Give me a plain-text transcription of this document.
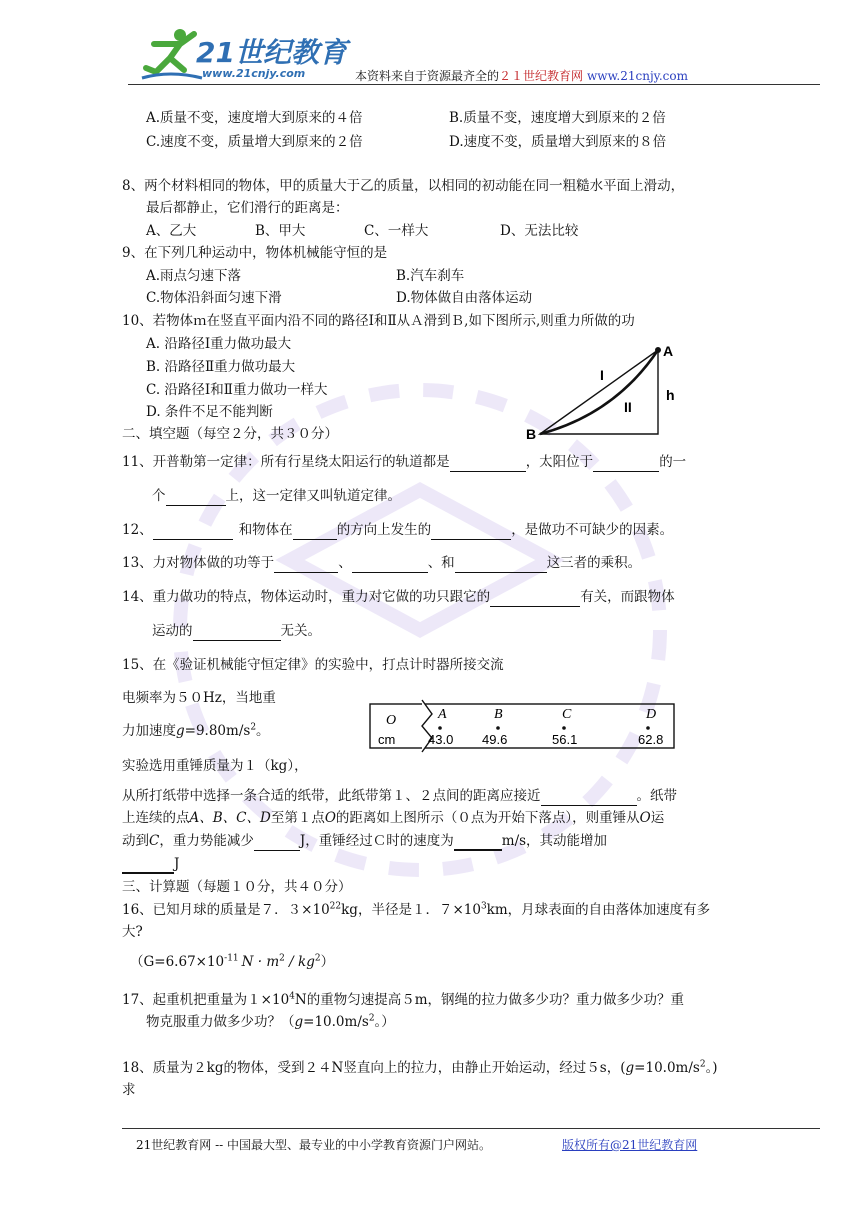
21世纪教育
www.21cnjy.com	本资料来自于资源最齐全的２１世纪教育网 www.21cnjy.com
A.质量不变，速度增大到原来的４倍	B.质量不变，速度增大到原来的２倍
C.速度不变，质量增大到原来的２倍	D.速度不变，质量增大到原来的８倍
8、两个材料相同的物体，甲的质量大于乙的质量，以相同的初动能在同一粗糙水平面上滑动，
最后都静止，它们滑行的距离是：
A、乙大	B、甲大	C、一样大	D、无法比较
9、在下列几种运动中，物体机械能守恒的是
A.雨点匀速下落	B.汽车刹车
C.物体沿斜面匀速下滑	D.物体做自由落体运动
10、若物体ｍ在竖直平面内沿不同的路径Ⅰ和Ⅱ从Ａ滑到Ｂ,如下图所示,则重力所做的功
A. 沿路径Ⅰ重力做功最大
B. 沿路径Ⅱ重力做功最大
C. 沿路径Ⅰ和Ⅱ重力做功一样大
D. 条件不足不能判断
A
B
h
I
II
二、填空题（每空２分，共３０分）
11、开普勒第一定律：所有行星绕太阳运行的轨道都是	，太阳位于	的一
个	上，这一定律又叫轨道定律。
12、	和物体在	的方向上发生的	，是做功不可缺少的因素。
13、力对物体做的功等于	、	、和	这三者的乘积。
14、重力做功的特点，物体运动时，重力对它做的功只跟它的	有关，而跟物体
运动的	无关。
15、在《验证机械能守恒定律》的实验中，打点计时器所接交流
电频率为５０Hz，当地重
力加速度$g=9.80m/s^2$。
O
cm
A	B	C	D
43.0 49.6	56.1	62.8
实验选用重锤质量为１（kg），
从所打纸带中选择一条合适的纸带，此纸带第１、２点间的距离应接近	。纸带
上连续的点A、B、C、D至第１点O的距离如上图所示（０点为开始下落点），则重锤从O运
动到C，重力势能减少	J，重锤经过Ｃ时的速度为	m/s，其动能增加
J
三、计算题（每题１０分，共４０分）
16、已知月球的质量是７．$3\times 10^{22}kg$，半径是１．$7\times 10^3km$，月球表面的自由落体加速度有多
大?
（$G=6.67\times 10^{-11}$ $N \cdot m^2 / kg^2$）
17、起重机把重量为$1\times 10^4N$的重物匀速提高５m，钢绳的拉力做多少功？重力做多少功？重
物克服重力做多少功？（$g=10.0m/s^2$。）
18、质量为２kg的物体，受到２４N竖直向上的拉力，由静止开始运动，经过５s，($g=10.0m/s^2$。)
求
21世纪教育网 -- 中国最大型、最专业的中小学教育资源门户网站。	版权所有@21世纪教育网
